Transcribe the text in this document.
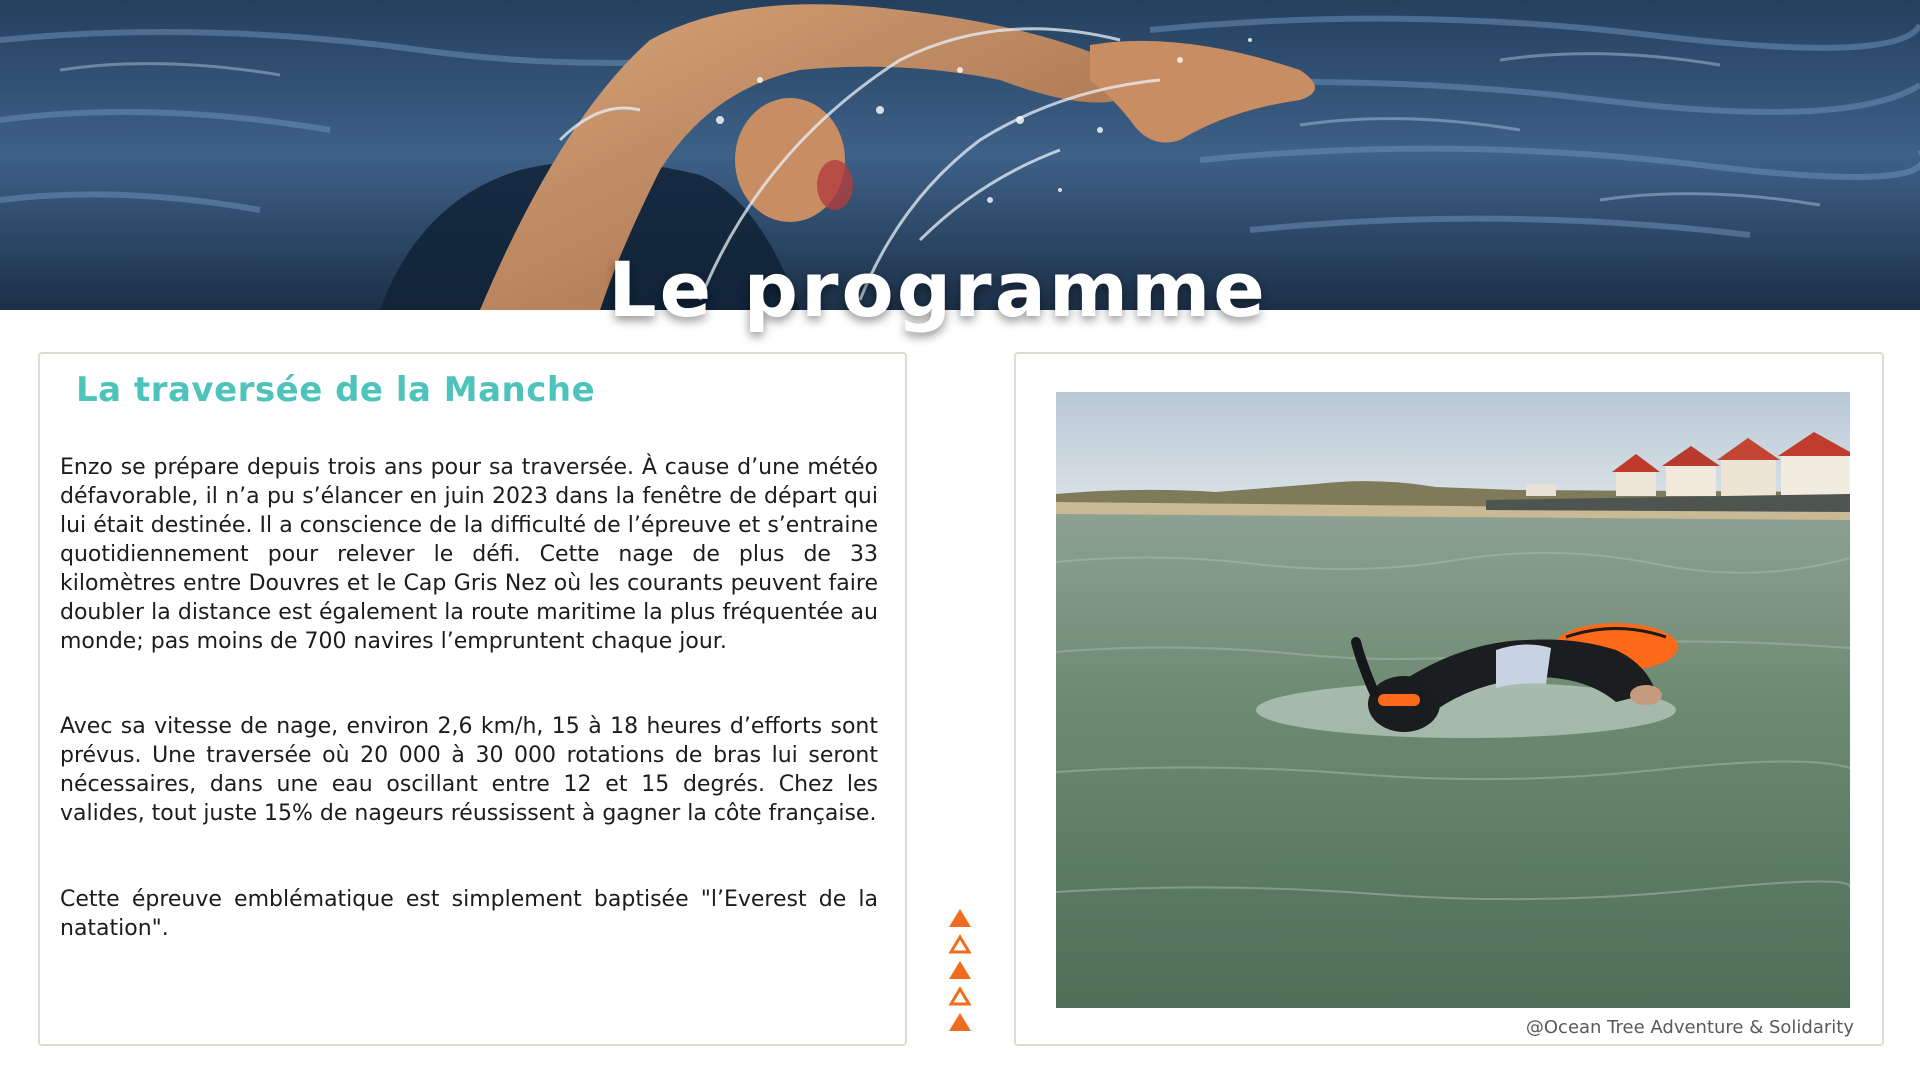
Le programme
La traversée de la Manche

Enzo se prépare depuis trois ans pour sa traversée. À cause d’une météo défavorable, il n’a pu s’élancer en juin 2023 dans la fenêtre de départ qui lui était destinée. Il a conscience de la difficulté de l’épreuve et s’entraine quotidiennement pour relever le défi. Cette nage de plus de 33 kilomètres entre Douvres et le Cap Gris Nez où les courants peuvent faire doubler la distance est également la route maritime la plus fréquentée au monde; pas moins de 700 navires l’empruntent chaque jour.

Avec sa vitesse de nage, environ 2,6 km/h, 15 à 18 heures d’efforts sont prévus. Une traversée où 20 000 à 30 000 rotations de bras lui seront nécessaires, dans une eau oscillant entre 12 et 15 degrés. Chez les valides, tout juste 15% de nageurs réussissent à gagner la côte française.

Cette épreuve emblématique est simplement baptisée "l’Everest de la natation".

@Ocean Tree Adventure & Solidarity
